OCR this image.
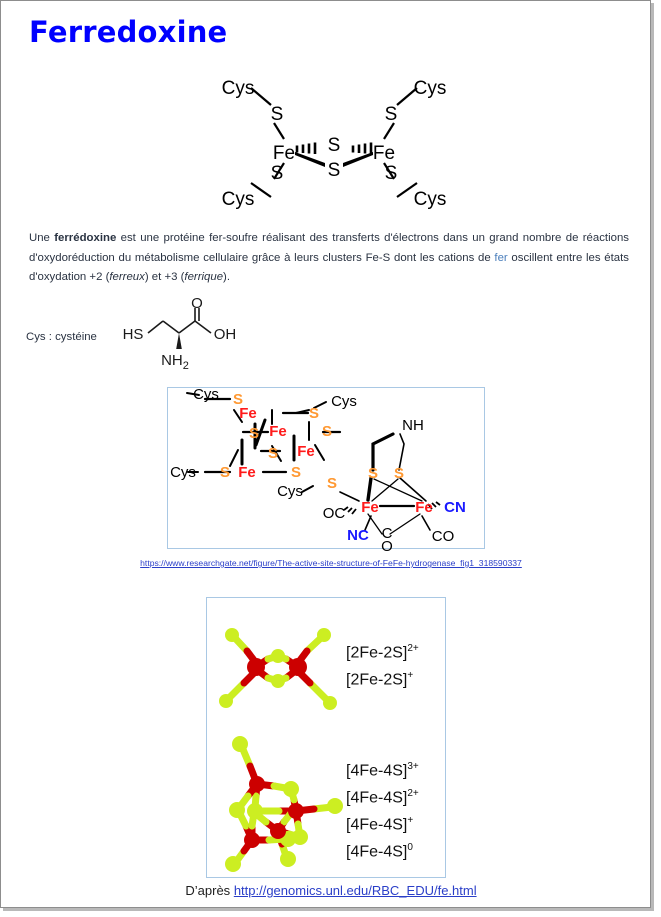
Ferredoxine
Cys
S
Cys
S
Fe	Fe
S
S
S
Cys
S
Cys
Une ferrédoxine est une protéine fer-soufre réalisant des transferts d'électrons dans un grand nombre de réactions d'oxydoréduction du métabolisme cellulaire grâce à leurs clusters Fe-S dont les cations de fer oscillent entre les états d'oxydation +2 (ferreux) et +3 (ferrique).
Cys : cystéine HS	OH
O
$NH_2$
Fe
Fe
Fe
Fe
S
S
S
S
S
S
S
S
Cys
Cys
Cys
Cys
Fe Fe
S S
NH
CN
NC
OC
CO
C
O
https://www.researchgate.net/figure/The-active-site-structure-of-FeFe-hydrogenase_fig1_318590337
$[2Fe-2S]^{2+}$
[2Fe-2S]+
$[4Fe-4S]^{3+}$
$[4Fe-4S]^{2+}$
[4Fe-4S]+
$[4Fe-4S]^0$
D’après http://genomics.unl.edu/RBC_EDU/fe.html
